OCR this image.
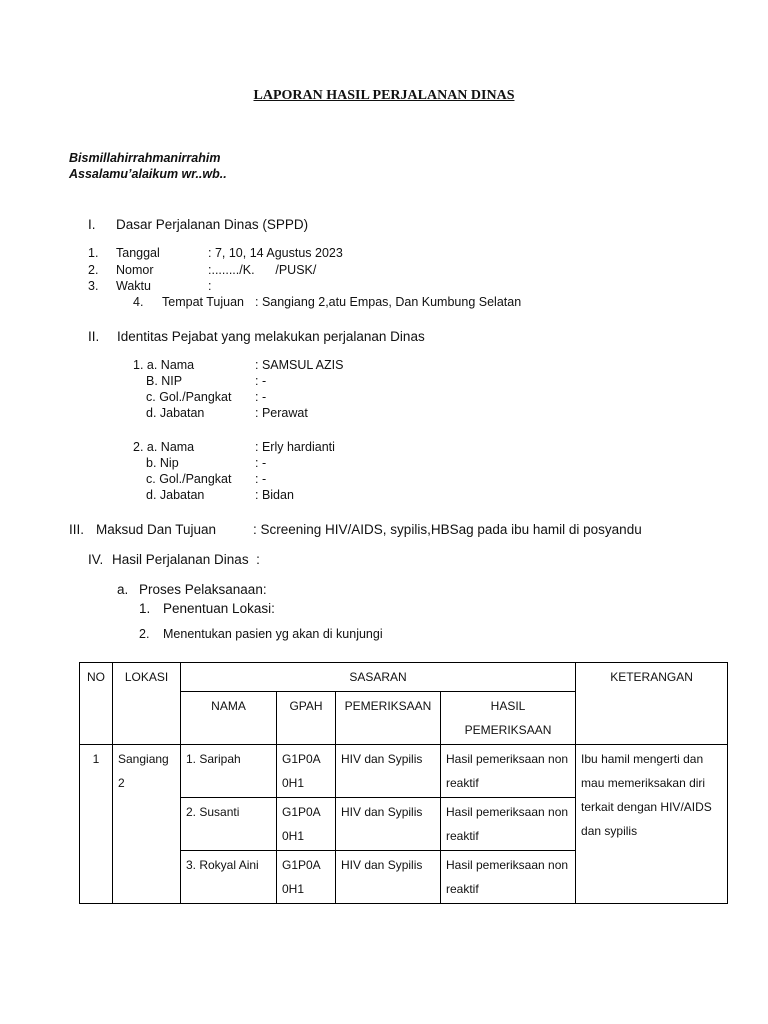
LAPORAN HASIL PERJALANAN DINAS
Bismillahirrahmanirrahim
Assalamu’alaikum wr..wb..
I. Dasar Perjalanan Dinas (SPPD)
1. Tanggal	: 7, 10, 14 Agustus 2023
2. Nomor	:......../K.      /PUSK/
3. Waktu	:
4. Tempat Tujuan : Sangiang 2,atu Empas, Dan Kumbung Selatan
II. Identitas Pejabat yang melakukan perjalanan Dinas
1. a. Nama	: SAMSUL AZIS
B. NIP	: -
c. Gol./Pangkat : -
d. Jabatan	: Perawat
2. a. Nama	: Erly hardianti
b. Nip	: -
c. Gol./Pangkat : -
d. Jabatan	: Bidan
III. Maksud Dan Tujuan	: Screening HIV/AIDS, sypilis,HBSag pada ibu hamil di posyandu
IV. Hasil Perjalanan Dinas  :
a. Proses Pelaksanaan:
1. Penentuan Lokasi:
2. Menentukan pasien yg akan di kunjungi
NO	LOKASI	SASARAN				KETERANGAN
		NAMA	GPAH	PEMERIKSAAN	HASIL PEMERIKSAAN	
1	Sangiang 2	1. Saripah	G1P0A 0H1	HIV dan Sypilis	Hasil pemeriksaan non reaktif	Ibu hamil mengerti dan mau memeriksakan diri terkait dengan HIV/AIDS dan sypilis
		2. Susanti	G1P0A 0H1	HIV dan Sypilis	Hasil pemeriksaan non reaktif	
		3. Rokyal Aini	G1P0A 0H1	HIV dan Sypilis	Hasil pemeriksaan non reaktif	
